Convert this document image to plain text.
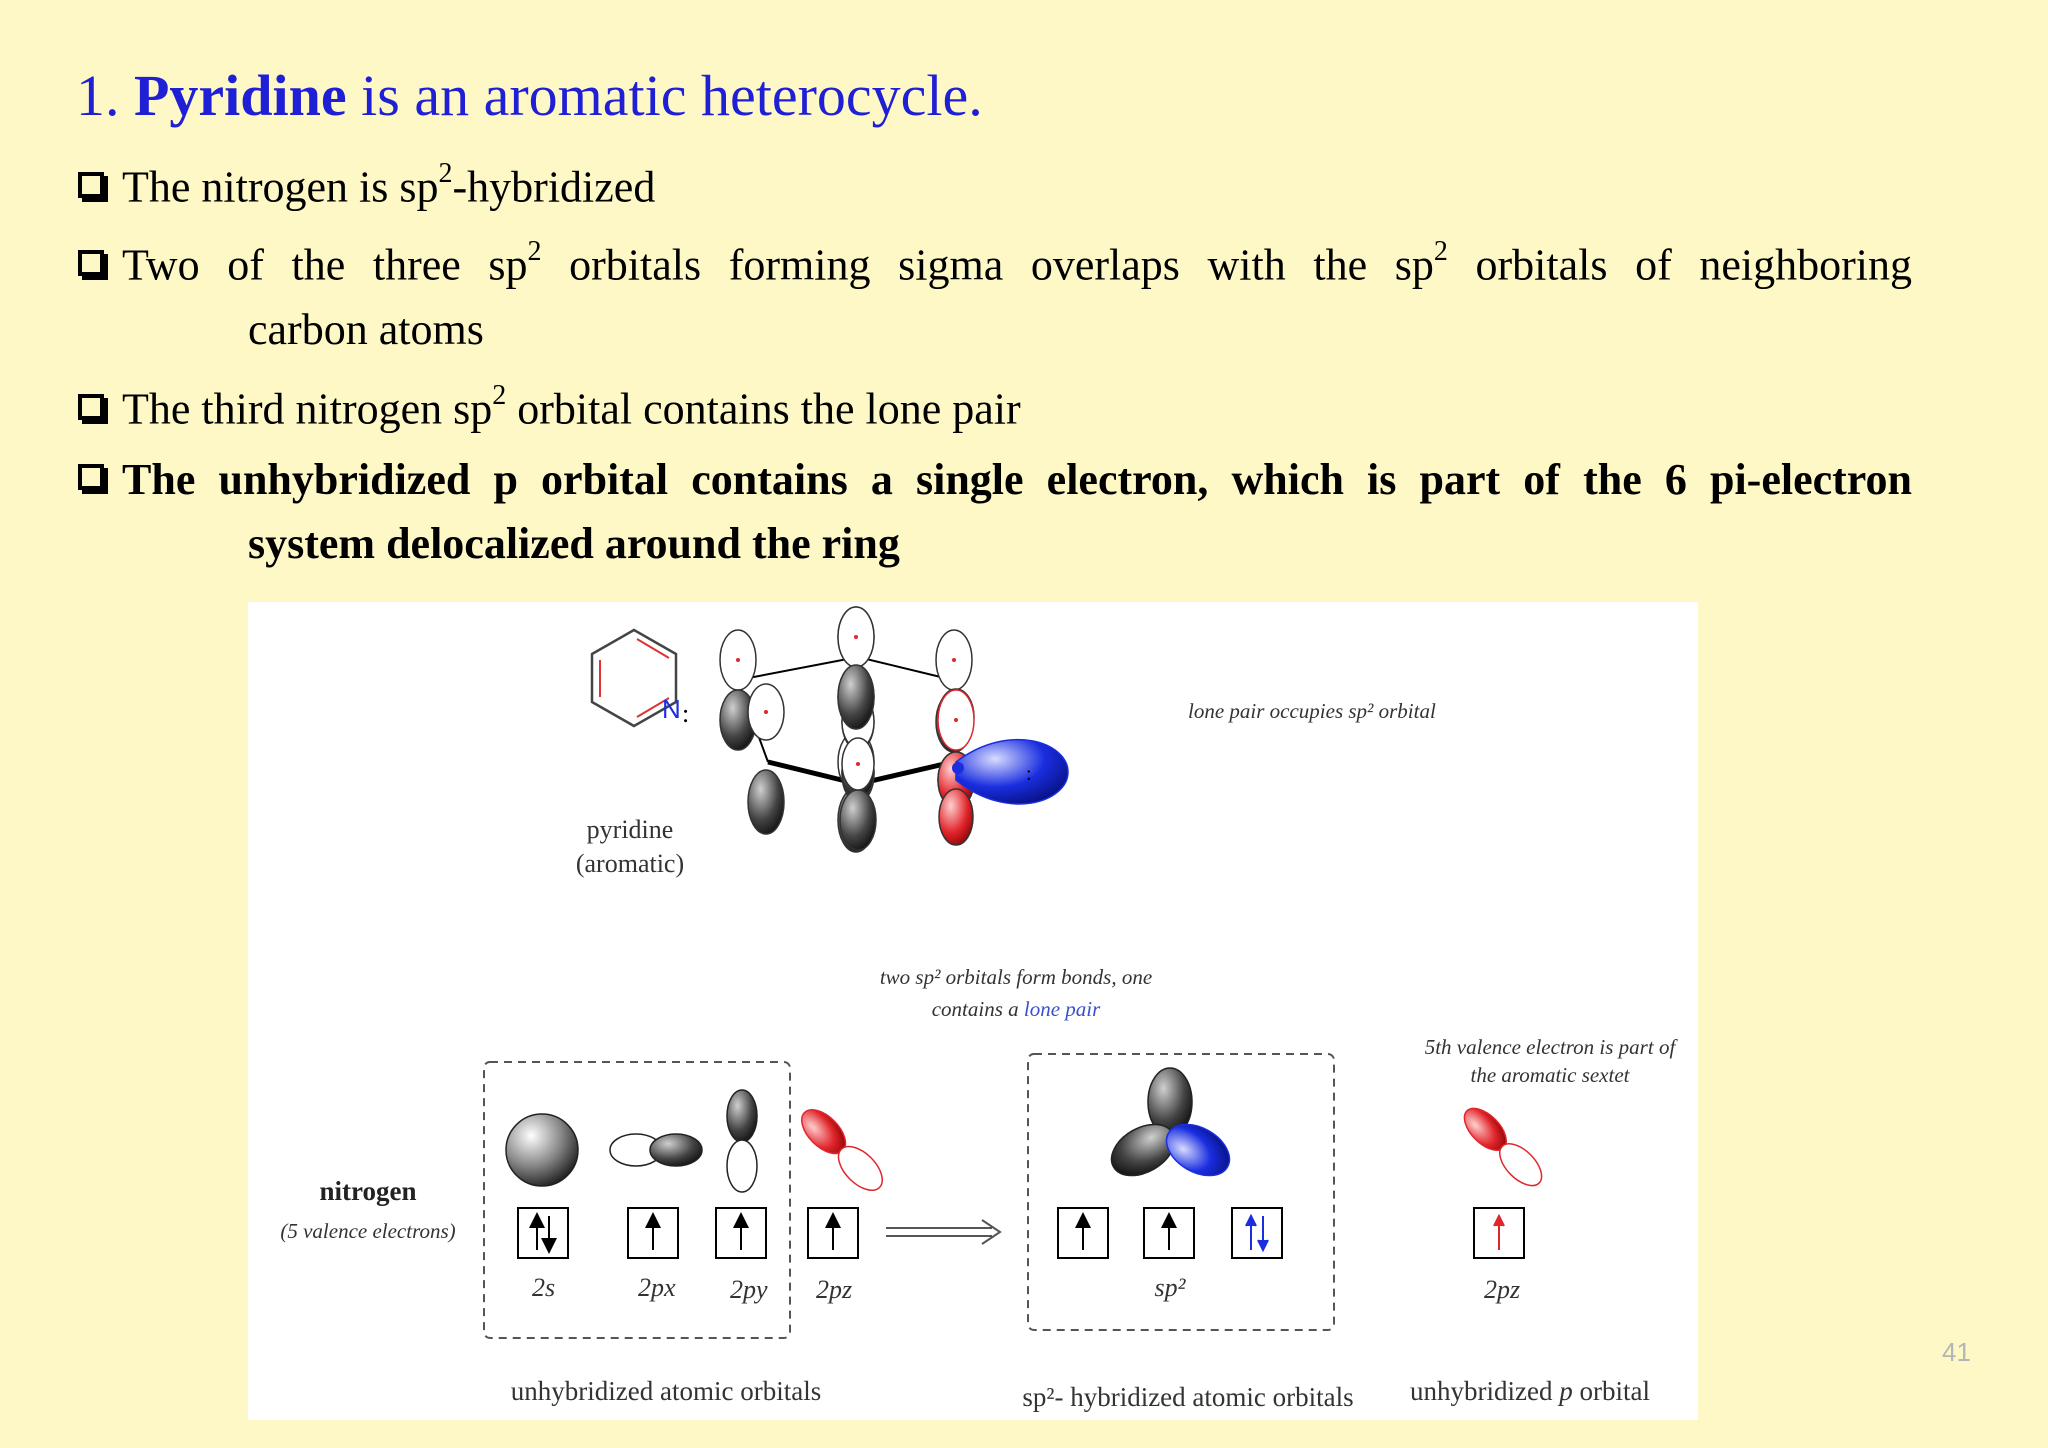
1. Pyridine is an aromatic heterocycle.
The nitrogen is $sp^2$-hybridized
Two of the three $sp^2$ orbitals forming sigma overlaps with the $sp^2$ orbitals of neighboring
carbon atoms
The third nitrogen $sp^2$ orbital contains the lone pair
The unhybridized p orbital contains a single electron, which is part of the 6 pi-electron
system delocalized around the ring
N :
pyridine
(aromatic)
:
lone pair occupies sp² orbital
two sp² orbitals form bonds, one
contains a lone pair
5th valence electron is part of
the aromatic sextet
nitrogen
(5 valence electrons)
2s	2px 2py 2pz	sp²	2pz
unhybridized atomic orbitals	sp²- hybridized atomic orbitals unhybridized p orbital
41
